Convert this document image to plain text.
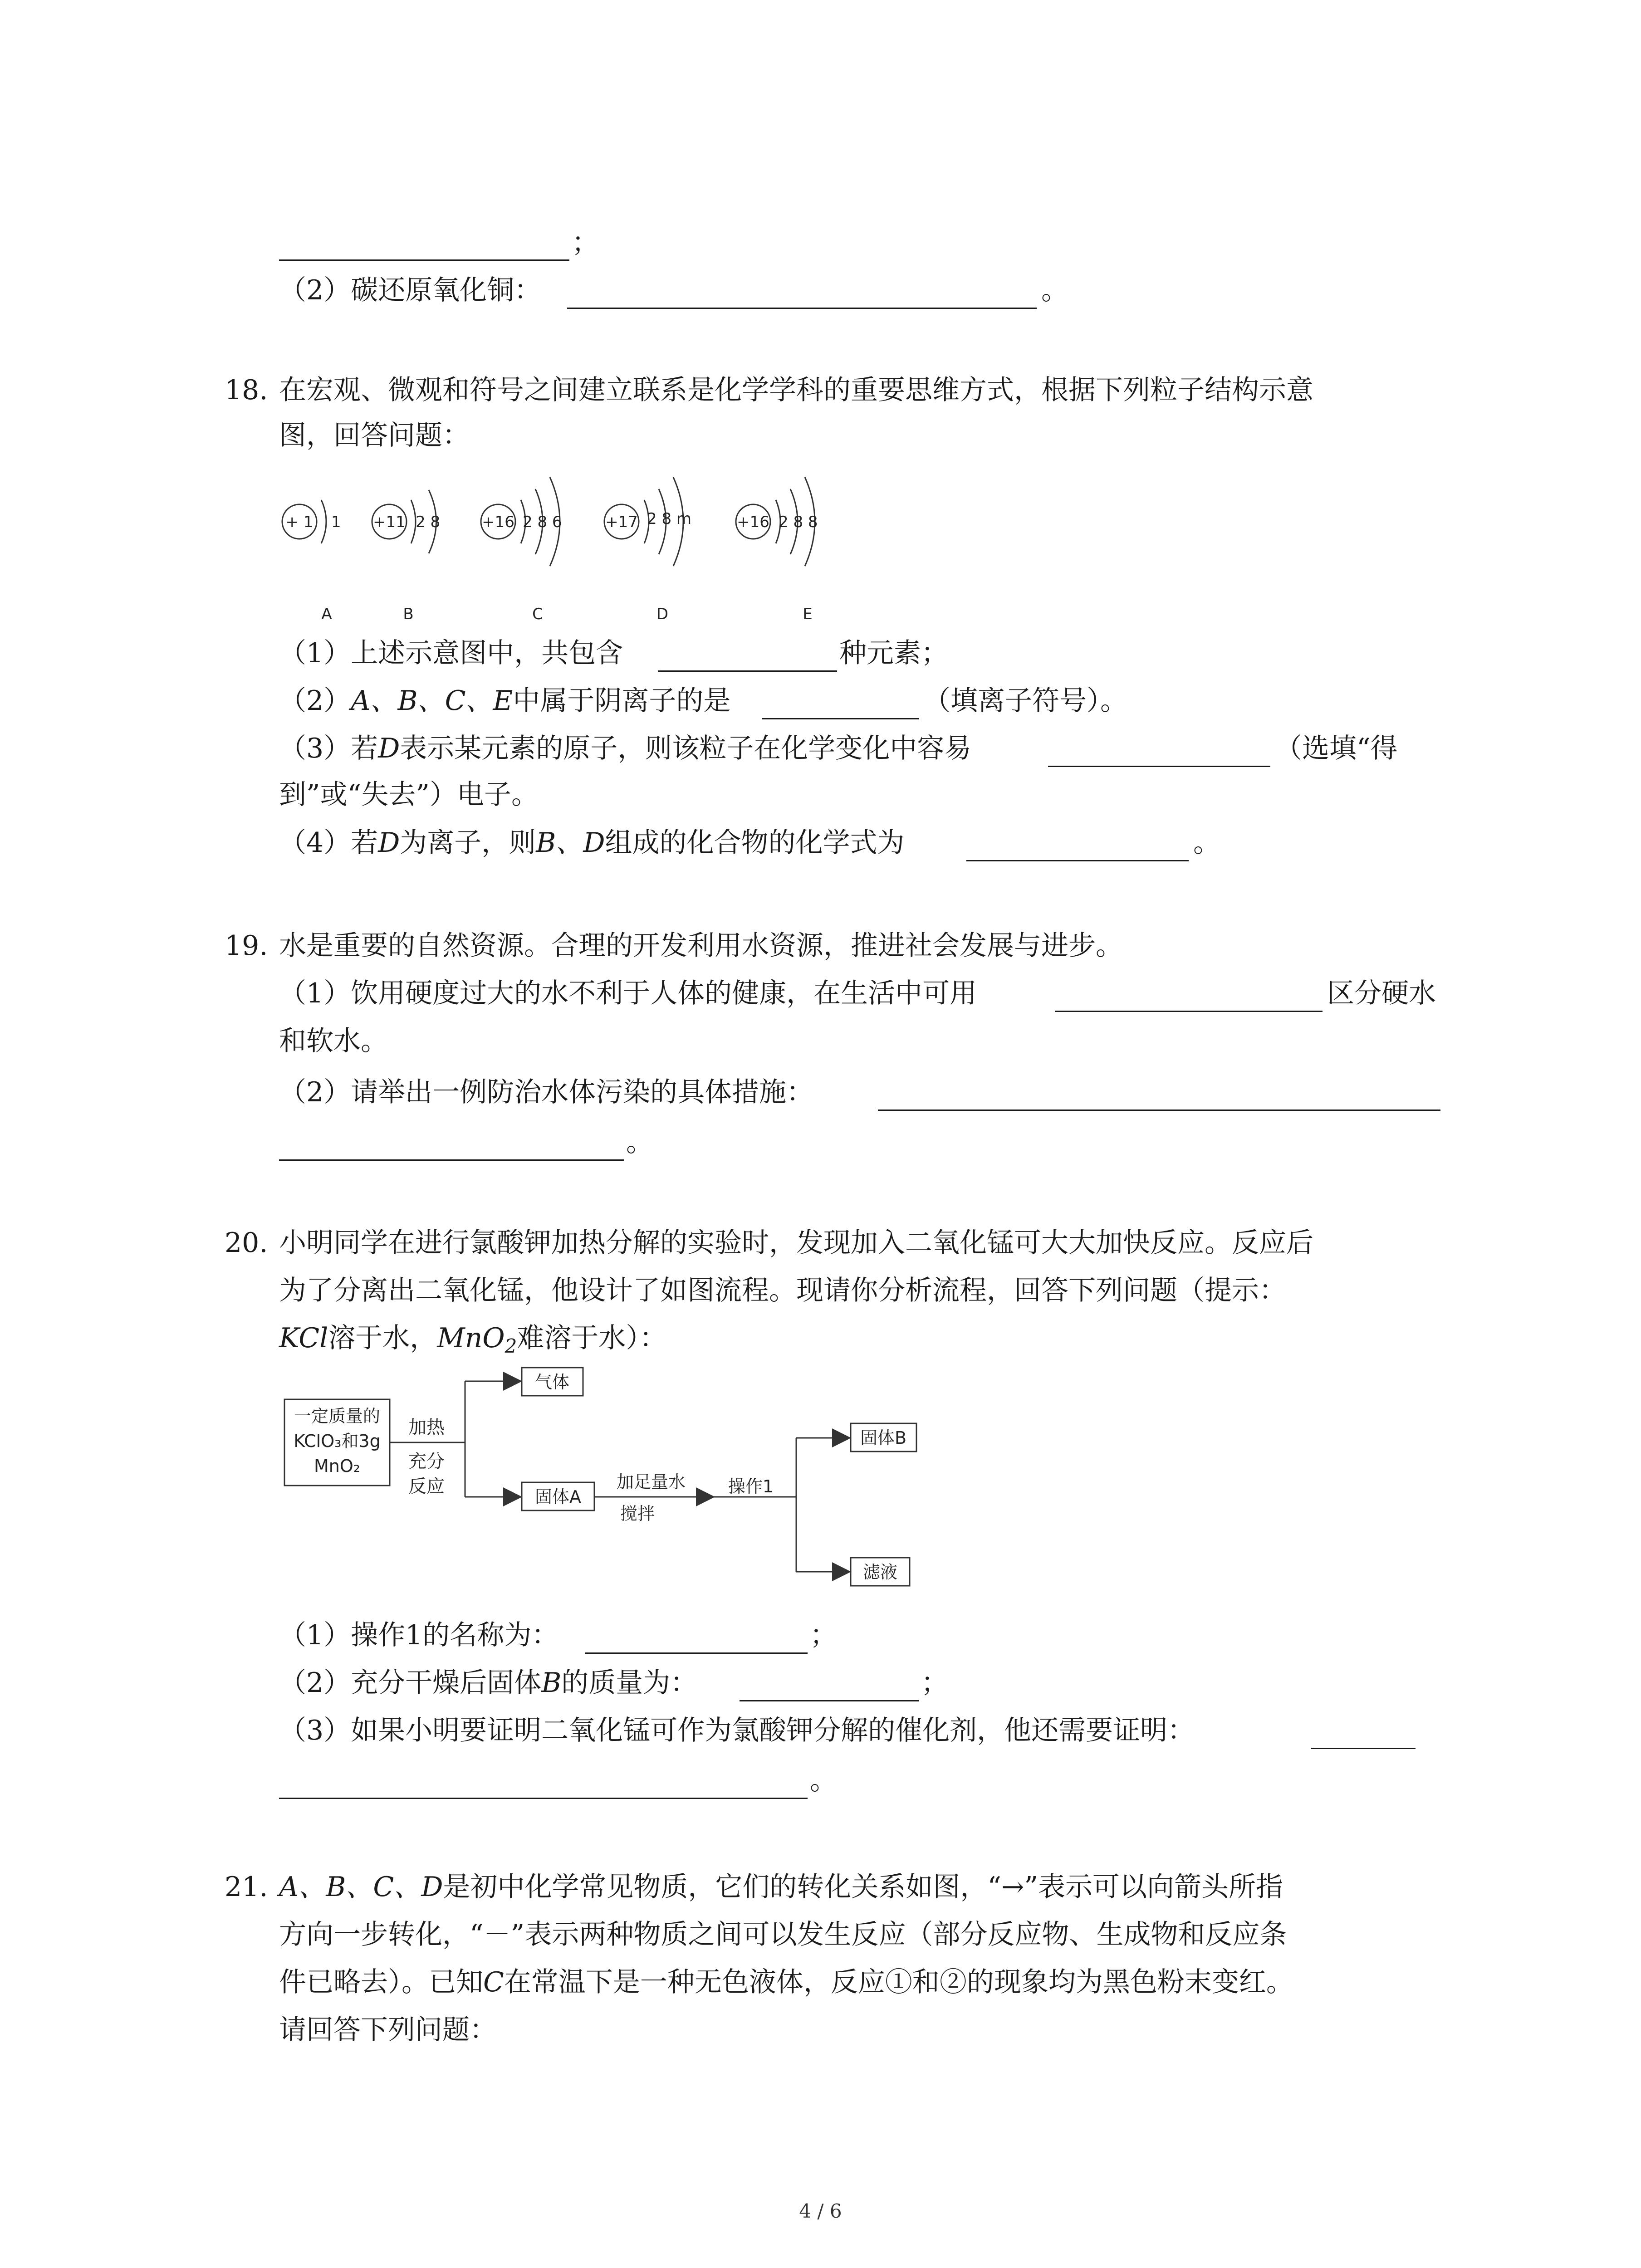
；
（2）碳还原氧化铜：	。
18. 在宏观、微观和符号之间建立联系是化学学科的重要思维方式，根据下列粒子结构示意
图，回答问题：
+ 1 1
A
+11 2 8
B
+16 2 8 6
C
+17 2 8 m
D
+16 2 8 8
E
（1）上述示意图中，共包含	种元素；
（2）A、B、C、E中属于阴离子的是	（填离子符号）。
（3）若D表示某元素的原子，则该粒子在化学变化中容易	（选填“得
到”或“失去”）电子。
（4）若D为离子，则B、D组成的化合物的化学式为	。
19. 水是重要的自然资源。合理的开发利用水资源，推进社会发展与进步。
（1）饮用硬度过大的水不利于人体的健康，在生活中可用	区分硬水
和软水。
（2）请举出一例防治水体污染的具体措施：
。
20. 小明同学在进行氯酸钾加热分解的实验时，发现加入二氧化锰可大大加快反应。反应后
为了分离出二氧化锰，他设计了如图流程。现请你分析流程，回答下列问题（提示：
KCl溶于水，MnO$_2$难溶于水）：
一定质量的
KClO₃和3g
MnO₂
加热
充分
反应
气体
固体A
加足量水
搅拌
操作1
固体B
滤液
（1）操作1的名称为：	；
（2）充分干燥后固体B的质量为：	；
（3）如果小明要证明二氧化锰可作为氯酸钾分解的催化剂，他还需要证明：
。
21. A、B、C、D是初中化学常见物质，它们的转化关系如图，“→”表示可以向箭头所指
方向一步转化，“－”表示两种物质之间可以发生反应（部分反应物、生成物和反应条
件已略去）。已知C在常温下是一种无色液体，反应①和②的现象均为黑色粉末变红。
请回答下列问题：
4 / 6
